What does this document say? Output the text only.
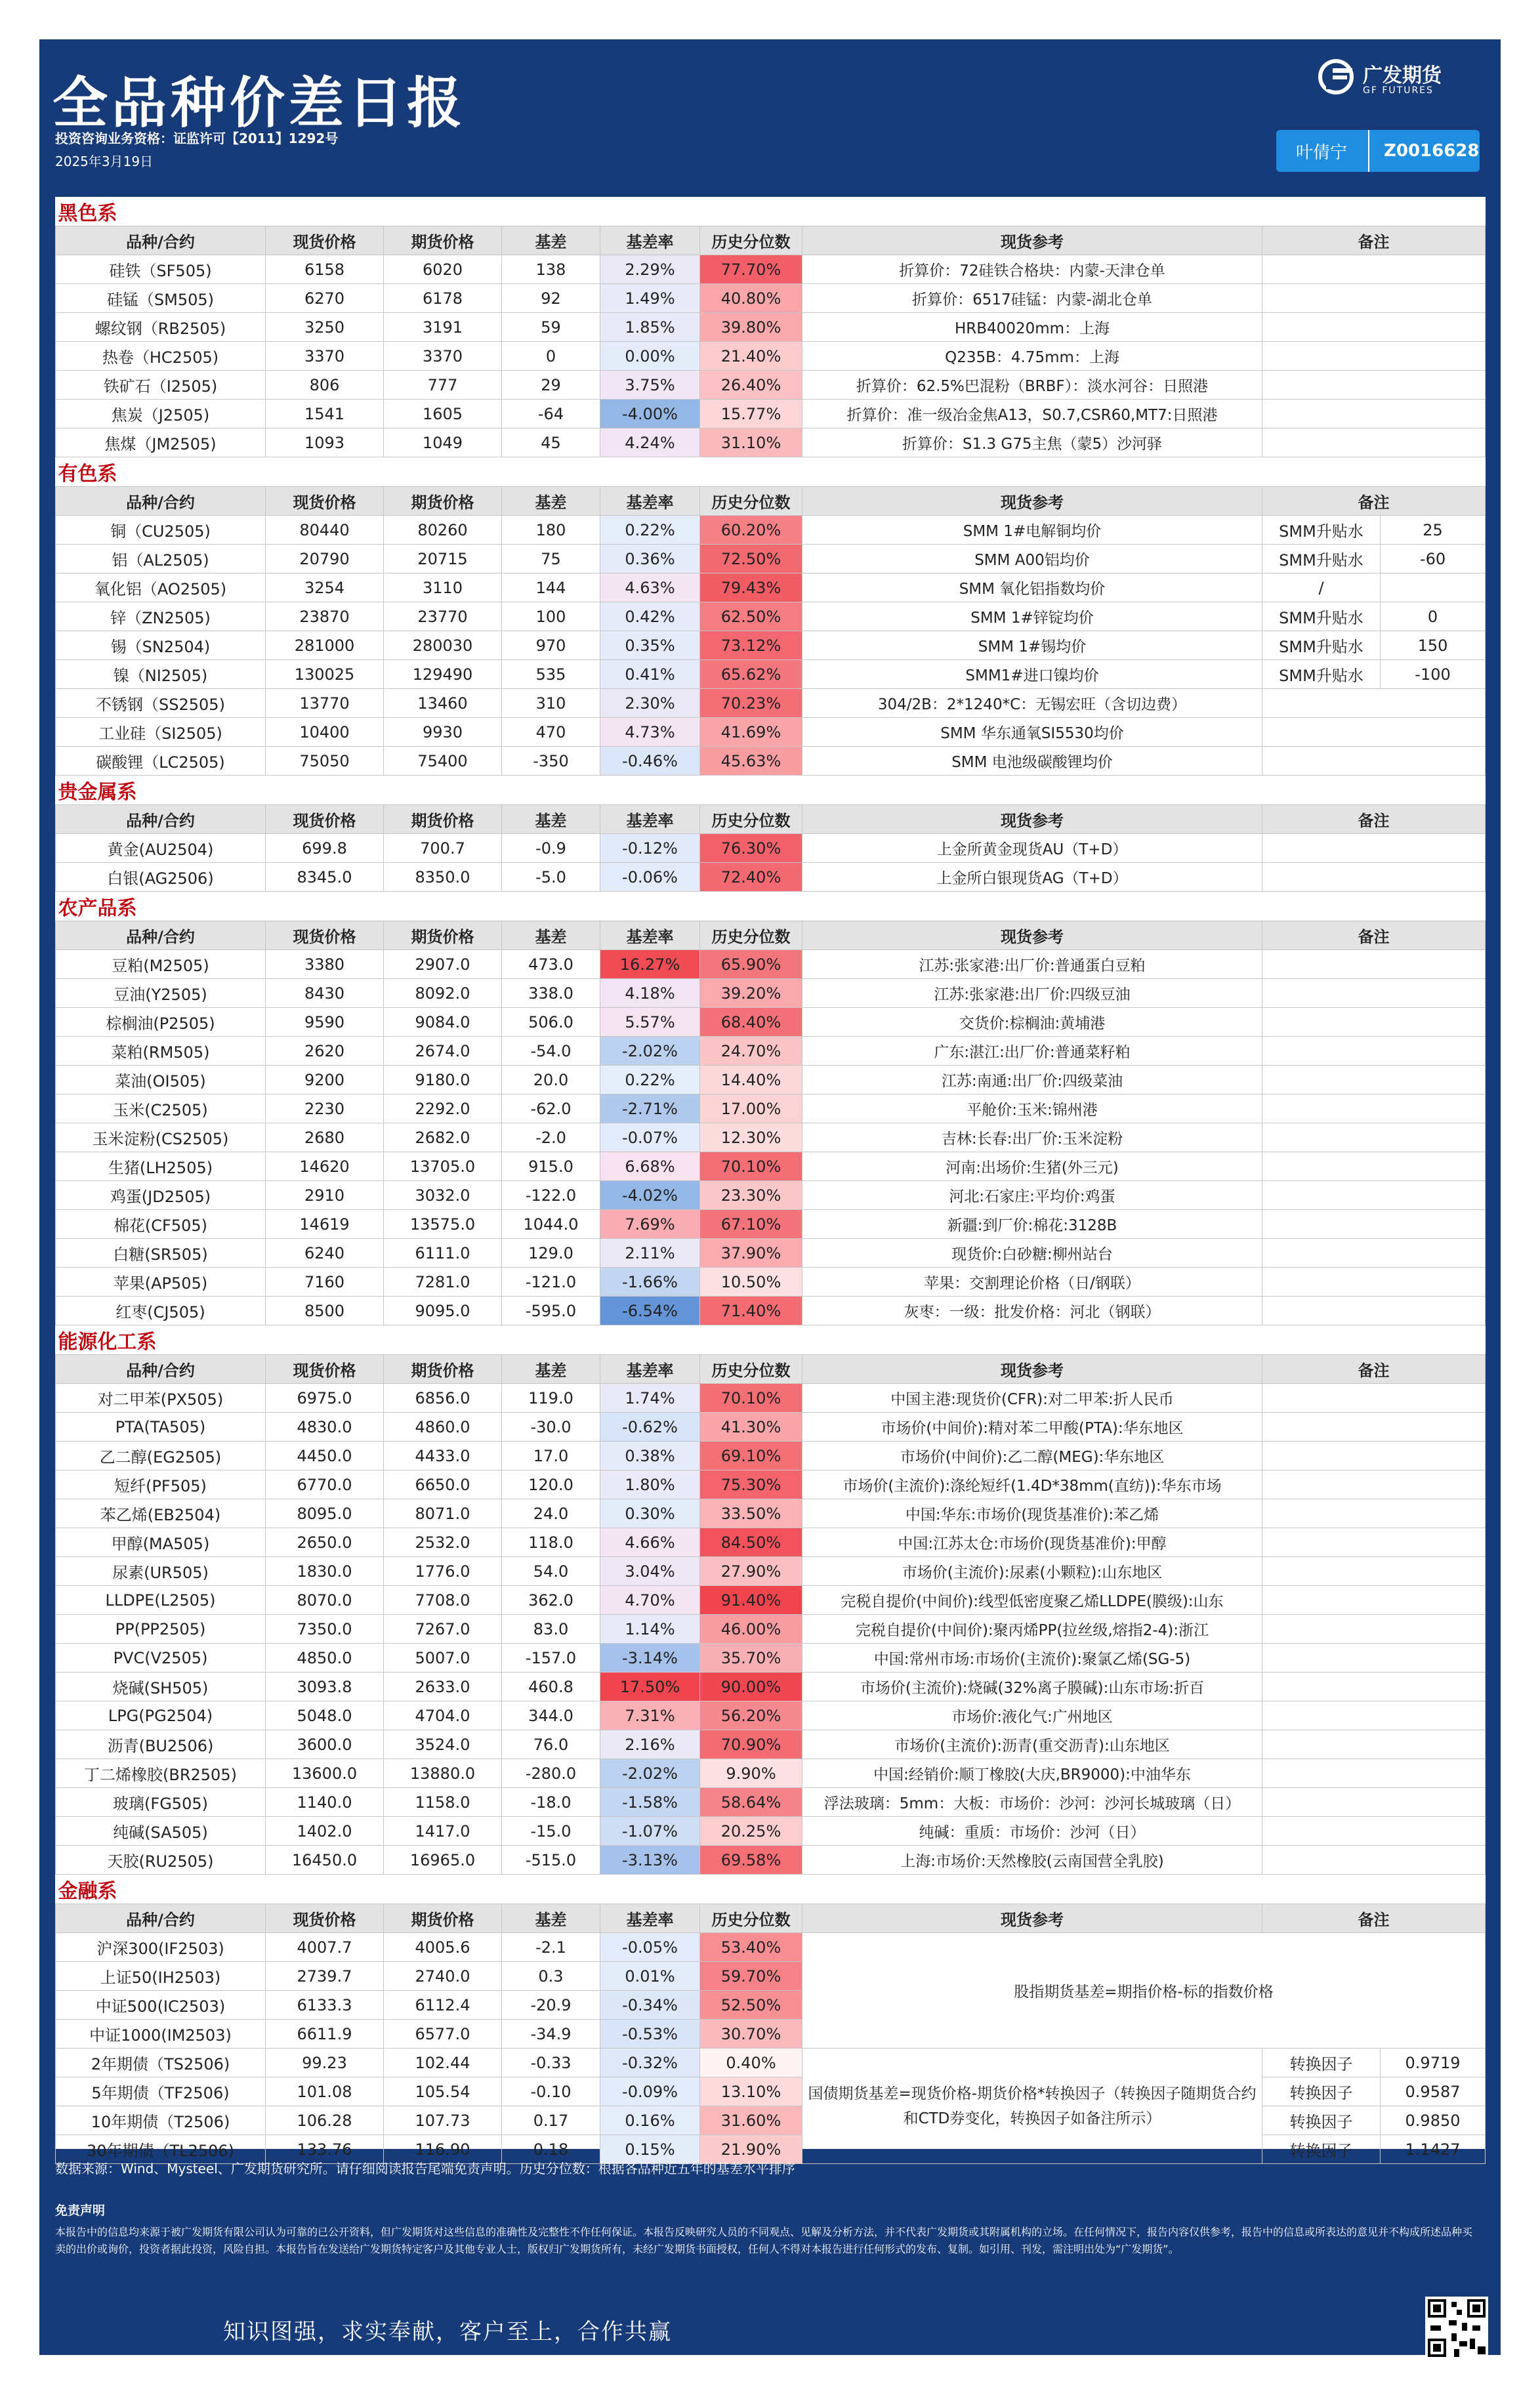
全品种价差日报
投资咨询业务资格：证监许可【2011】1292号
2025年3月19日
广发期货
GF FUTURES
叶倩宁	Z0016628
黑色系								
品种/合约	现货价格	期货价格	基差	基差率	历史分位数	现货参考	备注	
硅铁（SF505)	6158	6020	138	2.29%	77.70%	折算价：72硅铁合格块：内蒙-天津仓单		
硅锰（SM505)	6270	6178	92	1.49%	40.80%	折算价：6517硅锰：内蒙-湖北仓单		
螺纹钢（RB2505)	3250	3191	59	1.85%	39.80%	HRB40020mm：上海		
热卷（HC2505)	3370	3370	0	0.00%	21.40%	Q235B：4.75mm：上海		
铁矿石（I2505)	806	777	29	3.75%	26.40%	折算价：62.5%巴混粉（BRBF）：淡水河谷：日照港		
焦炭（J2505)	1541	1605	-64	-4.00%	15.77%	折算价：准一级冶金焦A13，S0.7,CSR60,MT7:日照港		
焦煤（JM2505)	1093	1049	45	4.24%	31.10%	折算价：S1.3 G75主焦（蒙5）沙河驿		
有色系								
品种/合约	现货价格	期货价格	基差	基差率	历史分位数	现货参考	备注	
铜（CU2505)	80440	80260	180	0.22%	60.20%	SMM 1#电解铜均价	SMM升贴水	25
铝（AL2505)	20790	20715	75	0.36%	72.50%	SMM A00铝均价	SMM升贴水	-60
氧化铝（AO2505)	3254	3110	144	4.63%	79.43%	SMM 氧化铝指数均价	/	
锌（ZN2505)	23870	23770	100	0.42%	62.50%	SMM 1#锌锭均价	SMM升贴水	0
锡（SN2504)	281000	280030	970	0.35%	73.12%	SMM 1#锡均价	SMM升贴水	150
镍（NI2505)	130025	129490	535	0.41%	65.62%	SMM1#进口镍均价	SMM升贴水	-100
不锈钢（SS2505)	13770	13460	310	2.30%	70.23%	304/2B：2*1240*C：无锡宏旺（含切边费）		
工业硅（SI2505)	10400	9930	470	4.73%	41.69%	SMM 华东通氧SI5530均价		
碳酸锂（LC2505)	75050	75400	-350	-0.46%	45.63%	SMM 电池级碳酸锂均价		
贵金属系								
品种/合约	现货价格	期货价格	基差	基差率	历史分位数	现货参考	备注	
黄金(AU2504)	699.8	700.7	-0.9	-0.12%	76.30%	上金所黄金现货AU（T+D）		
白银(AG2506)	8345.0	8350.0	-5.0	-0.06%	72.40%	上金所白银现货AG（T+D）		
农产品系								
品种/合约	现货价格	期货价格	基差	基差率	历史分位数	现货参考	备注	
豆粕(M2505)	3380	2907.0	473.0	16.27%	65.90%	江苏:张家港:出厂价:普通蛋白豆粕		
豆油(Y2505)	8430	8092.0	338.0	4.18%	39.20%	江苏:张家港:出厂价:四级豆油		
棕榈油(P2505)	9590	9084.0	506.0	5.57%	68.40%	交货价:棕榈油:黄埔港		
菜粕(RM505)	2620	2674.0	-54.0	-2.02%	24.70%	广东:湛江:出厂价:普通菜籽粕		
菜油(OI505)	9200	9180.0	20.0	0.22%	14.40%	江苏:南通:出厂价:四级菜油		
玉米(C2505)	2230	2292.0	-62.0	-2.71%	17.00%	平舱价:玉米:锦州港		
玉米淀粉(CS2505)	2680	2682.0	-2.0	-0.07%	12.30%	吉林:长春:出厂价:玉米淀粉		
生猪(LH2505)	14620	13705.0	915.0	6.68%	70.10%	河南:出场价:生猪(外三元)		
鸡蛋(JD2505)	2910	3032.0	-122.0	-4.02%	23.30%	河北:石家庄:平均价:鸡蛋		
棉花(CF505)	14619	13575.0	1044.0	7.69%	67.10%	新疆:到厂价:棉花:3128B		
白糖(SR505)	6240	6111.0	129.0	2.11%	37.90%	现货价:白砂糖:柳州站台		
苹果(AP505)	7160	7281.0	-121.0	-1.66%	10.50%	苹果：交割理论价格（日/钢联）		
红枣(CJ505)	8500	9095.0	-595.0	-6.54%	71.40%	灰枣：一级：批发价格：河北（钢联）		
能源化工系								
品种/合约	现货价格	期货价格	基差	基差率	历史分位数	现货参考	备注	
对二甲苯(PX505)	6975.0	6856.0	119.0	1.74%	70.10%	中国主港:现货价(CFR):对二甲苯:折人民币		
PTA(TA505)	4830.0	4860.0	-30.0	-0.62%	41.30%	市场价(中间价):精对苯二甲酸(PTA):华东地区		
乙二醇(EG2505)	4450.0	4433.0	17.0	0.38%	69.10%	市场价(中间价):乙二醇(MEG):华东地区		
短纤(PF505)	6770.0	6650.0	120.0	1.80%	75.30%	市场价(主流价):涤纶短纤(1.4D*38mm(直纺)):华东市场		
苯乙烯(EB2504)	8095.0	8071.0	24.0	0.30%	33.50%	中国:华东:市场价(现货基准价):苯乙烯		
甲醇(MA505)	2650.0	2532.0	118.0	4.66%	84.50%	中国:江苏太仓:市场价(现货基准价):甲醇		
尿素(UR505)	1830.0	1776.0	54.0	3.04%	27.90%	市场价(主流价):尿素(小颗粒):山东地区		
LLDPE(L2505)	8070.0	7708.0	362.0	4.70%	91.40%	完税自提价(中间价):线型低密度聚乙烯LLDPE(膜级):山东		
PP(PP2505)	7350.0	7267.0	83.0	1.14%	46.00%	完税自提价(中间价):聚丙烯PP(拉丝级,熔指2-4):浙江		
PVC(V2505)	4850.0	5007.0	-157.0	-3.14%	35.70%	中国:常州市场:市场价(主流价):聚氯乙烯(SG-5)		
烧碱(SH505)	3093.8	2633.0	460.8	17.50%	90.00%	市场价(主流价):烧碱(32%离子膜碱):山东市场:折百		
LPG(PG2504)	5048.0	4704.0	344.0	7.31%	56.20%	市场价:液化气:广州地区		
沥青(BU2506)	3600.0	3524.0	76.0	2.16%	70.90%	市场价(主流价):沥青(重交沥青):山东地区		
丁二烯橡胶(BR2505)	13600.0	13880.0	-280.0	-2.02%	9.90%	中国:经销价:顺丁橡胶(大庆,BR9000):中油华东		
玻璃(FG505)	1140.0	1158.0	-18.0	-1.58%	58.64%	浮法玻璃：5mm：大板：市场价：沙河：沙河长城玻璃（日）		
纯碱(SA505)	1402.0	1417.0	-15.0	-1.07%	20.25%	纯碱：重质：市场价：沙河（日）		
天胶(RU2505)	16450.0	16965.0	-515.0	-3.13%	69.58%	上海:市场价:天然橡胶(云南国营全乳胶)		
金融系								
品种/合约	现货价格	期货价格	基差	基差率	历史分位数	现货参考	备注	
沪深300(IF2503)	4007.7	4005.6	-2.1	-0.05%	53.40%	股指期货基差=期指价格-标的指数价格		
上证50(IH2503)	2739.7	2740.0	0.3	0.01%	59.70%			
中证500(IC2503)	6133.3	6112.4	-20.9	-0.34%	52.50%			
中证1000(IM2503)	6611.9	6577.0	-34.9	-0.53%	30.70%			
2年期债（TS2506)	99.23	102.44	-0.33	-0.32%	0.40%	国债期货基差=现货价格-期货价格*转换因子（转换因子随期货合约和CTD券变化，转换因子如备注所示）	转换因子	0.9719
5年期债（TF2506)	101.08	105.54	-0.10	-0.09%	13.10%		转换因子	0.9587
10年期债（T2506)	106.28	107.73	0.17	0.16%	31.60%		转换因子	0.9850
30年期债（TL2506)	133.76	116.90	0.18	0.15%	21.90%		转换因子	1.1427
数据来源：Wind、Mysteel、广发期货研究所。请仔细阅读报告尾端免责声明。历史分位数：根据各品种近五年的基差水平排序
免责声明
本报告中的信息均来源于被广发期货有限公司认为可靠的已公开资料，但广发期货对这些信息的准确性及完整性不作任何保证。本报告反映研究人员的不同观点、见解及分析方法，并不代表广发期货或其附属机构的立场。在任何情况下，报告内容仅供参考，报告中的信息或所表达的意见并不构成所述品种买卖的出价或询价，投资者据此投资，风险自担。本报告旨在发送给广发期货特定客户及其他专业人士，版权归广发期货所有，未经广发期货书面授权，任何人不得对本报告进行任何形式的发布、复制。如引用、刊发，需注明出处为“广发期货”。
知识图强，求实奉献，客户至上，合作共赢
关注微信公众号
